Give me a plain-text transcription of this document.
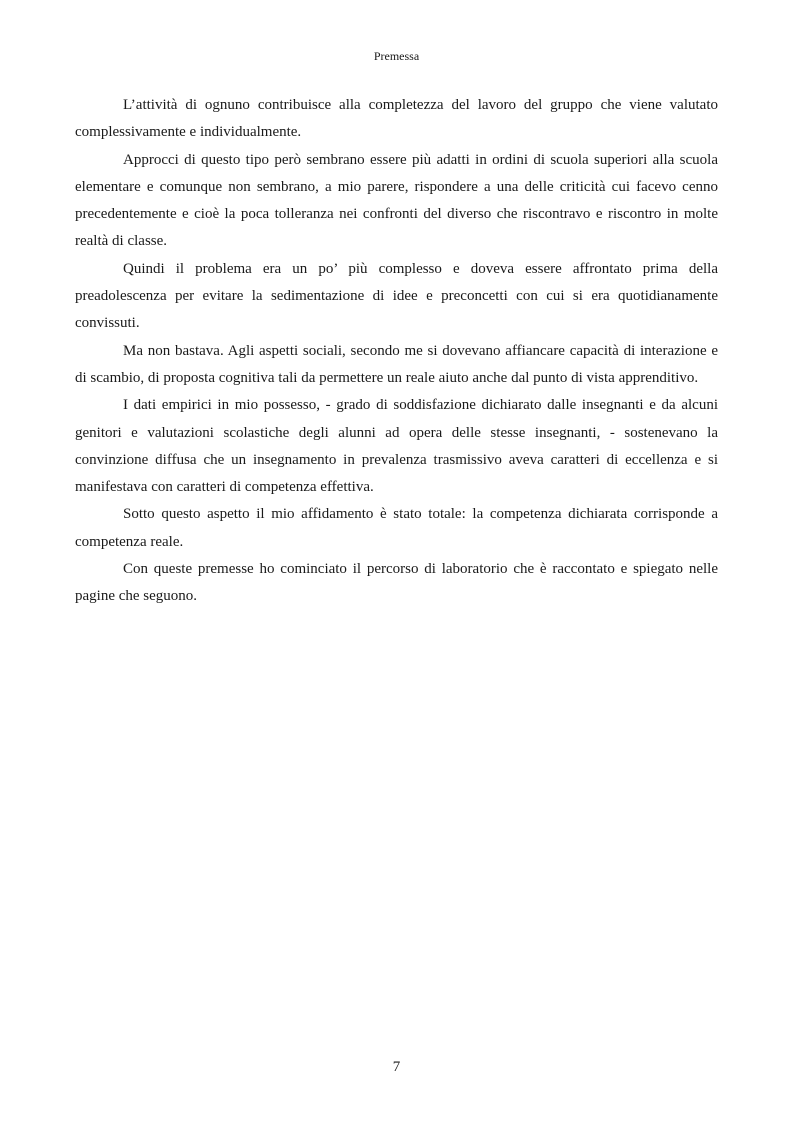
Premessa

L’attività di ognuno contribuisce alla completezza del lavoro del gruppo che viene valutato complessivamente e individualmente.

Approcci di questo tipo però sembrano essere più adatti in ordini di scuola superiori alla scuola elementare e comunque non sembrano, a mio parere, rispondere a una delle criticità cui facevo cenno precedentemente e cioè la poca tolleranza nei confronti del diverso che riscontravo e riscontro in molte realtà di classe.

Quindi il problema era un po’ più complesso e doveva essere affrontato prima della preadolescenza per evitare la sedimentazione di idee e preconcetti con cui si era quotidianamente convissuti.

Ma non bastava. Agli aspetti sociali, secondo me si dovevano affiancare capacità di interazione e di scambio, di proposta cognitiva tali da permettere un reale aiuto anche dal punto di vista apprenditivo.

I dati empirici in mio possesso, - grado di soddisfazione dichiarato dalle insegnanti e da alcuni genitori e valutazioni scolastiche degli alunni ad opera delle stesse insegnanti, - sostenevano la convinzione diffusa che un insegnamento in prevalenza trasmissivo aveva caratteri di eccellenza e si manifestava con caratteri di competenza effettiva.

Sotto questo aspetto il mio affidamento è stato totale: la competenza dichiarata corrisponde a competenza reale.

Con queste premesse ho cominciato il percorso di laboratorio che è raccontato e spiegato nelle pagine che seguono.

7
